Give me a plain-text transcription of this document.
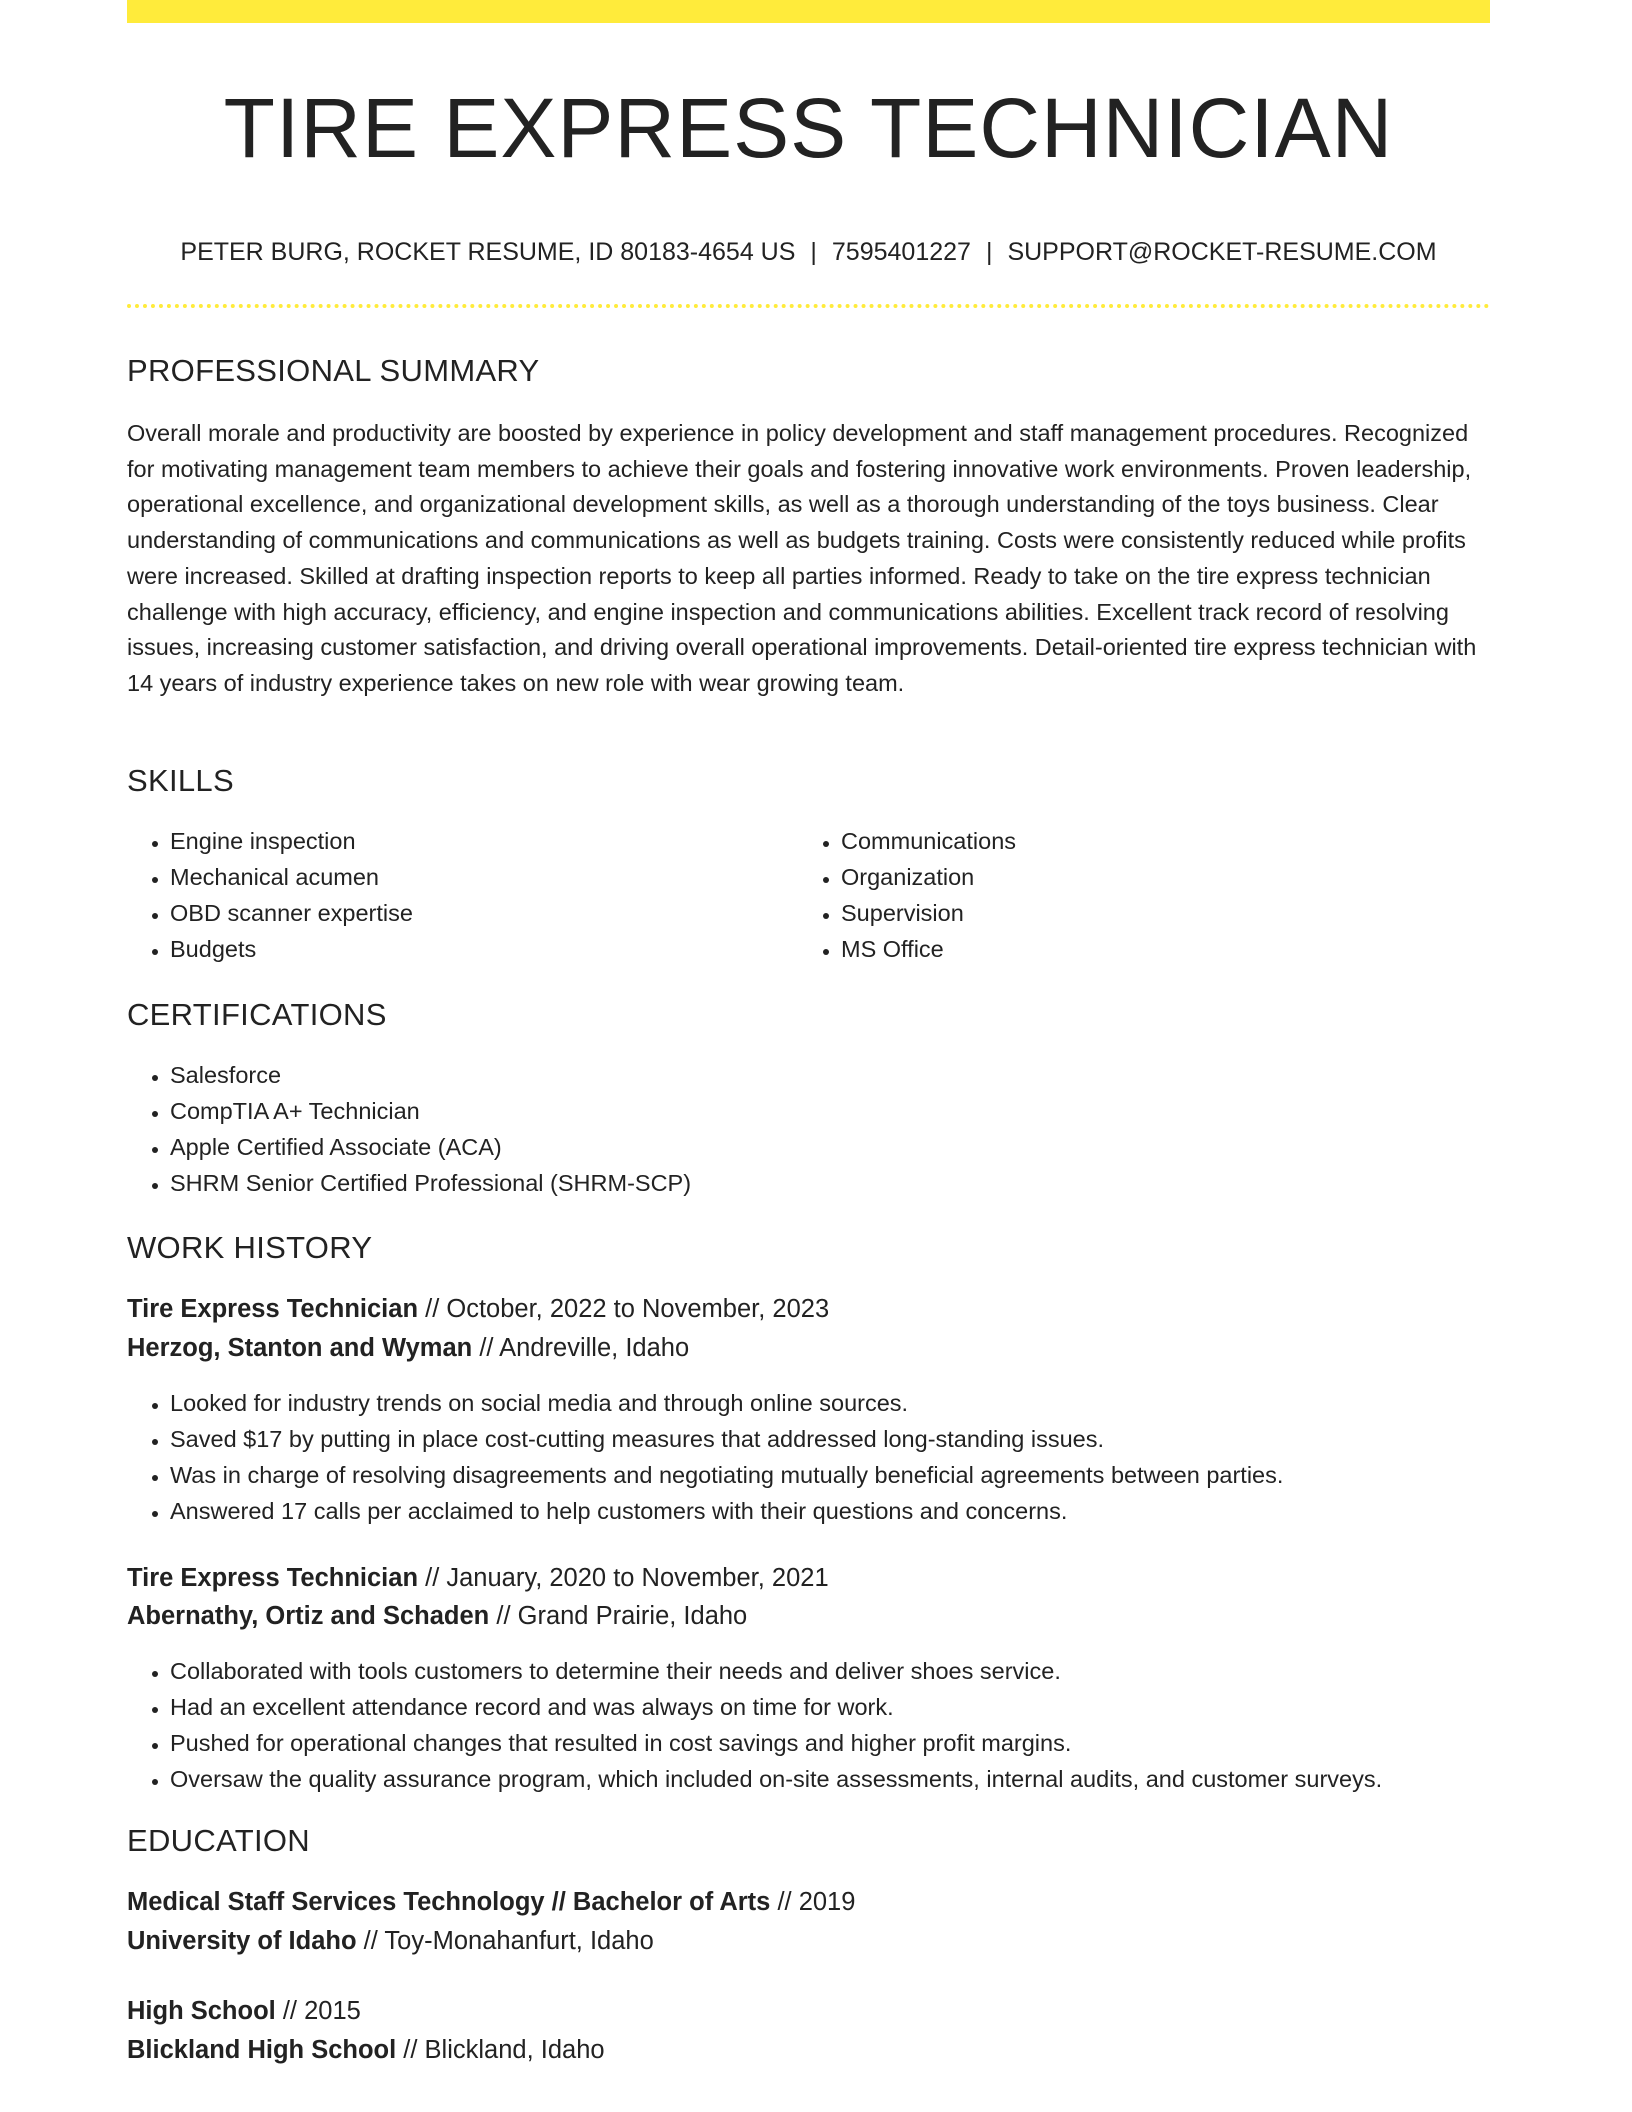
TIRE EXPRESS TECHNICIAN
PETER BURG, ROCKET RESUME, ID 80183-4654 US | 7595401227 | SUPPORT@ROCKET-RESUME.COM
PROFESSIONAL SUMMARY

Overall morale and productivity are boosted by experience in policy development and staff management procedures. Recognized for motivating management team members to achieve their goals and fostering innovative work environments. Proven leadership, operational excellence, and organizational development skills, as well as a thorough understanding of the toys business. Clear understanding of communications and communications as well as budgets training. Costs were consistently reduced while profits were increased. Skilled at drafting inspection reports to keep all parties informed. Ready to take on the tire express technician challenge with high accuracy, efficiency, and engine inspection and communications abilities. Excellent track record of resolving issues, increasing customer satisfaction, and driving overall operational improvements. Detail-oriented tire express technician with 14 years of industry experience takes on new role with wear growing team.

SKILLS
• Engine inspection
• Mechanical acumen
• OBD scanner expertise
• Budgets
• Communications
• Organization
• Supervision
• MS Office
CERTIFICATIONS
• Salesforce
• CompTIA A+ Technician
• Apple Certified Associate (ACA)
• SHRM Senior Certified Professional (SHRM-SCP)
WORK HISTORY
Tire Express Technician // October, 2022 to November, 2023
Herzog, Stanton and Wyman // Andreville, Idaho
• Looked for industry trends on social media and through online sources.
• Saved $17 by putting in place cost-cutting measures that addressed long-standing issues.
• Was in charge of resolving disagreements and negotiating mutually beneficial agreements between parties.
• Answered 17 calls per acclaimed to help customers with their questions and concerns.
Tire Express Technician // January, 2020 to November, 2021
Abernathy, Ortiz and Schaden // Grand Prairie, Idaho
• Collaborated with tools customers to determine their needs and deliver shoes service.
• Had an excellent attendance record and was always on time for work.
• Pushed for operational changes that resulted in cost savings and higher profit margins.
• Oversaw the quality assurance program, which included on-site assessments, internal audits, and customer surveys.
EDUCATION
Medical Staff Services Technology // Bachelor of Arts // 2019
University of Idaho // Toy-Monahanfurt, Idaho
High School // 2015
Blickland High School // Blickland, Idaho
